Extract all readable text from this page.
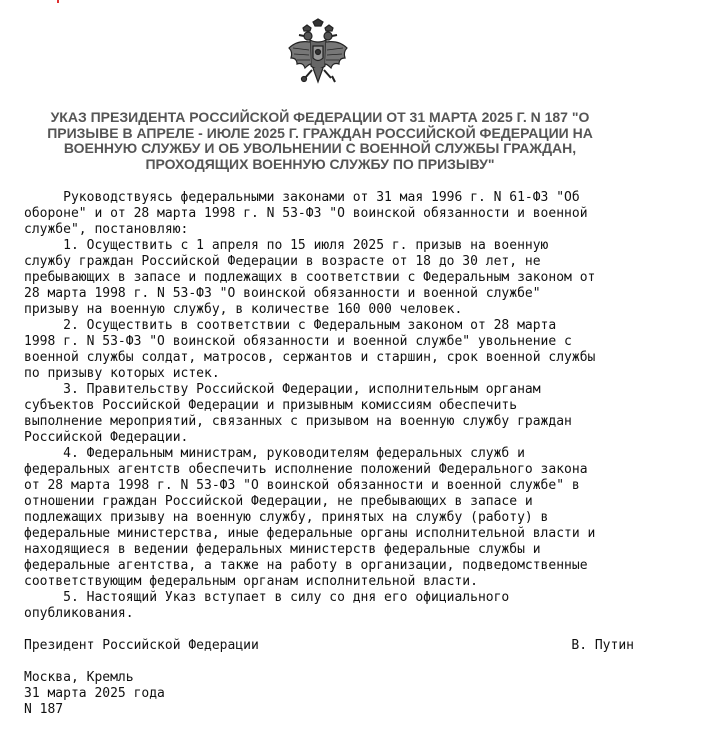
УКАЗ ПРЕЗИДЕНТА РОССИЙСКОЙ ФЕДЕРАЦИИ ОТ 31 МАРТА 2025 Г. N 187 "О ПРИЗЫВЕ В АПРЕЛЕ - ИЮЛЕ 2025 Г. ГРАЖДАН РОССИЙСКОЙ ФЕДЕРАЦИИ НА ВОЕННУЮ СЛУЖБУ И ОБ УВОЛЬНЕНИИ С ВОЕННОЙ СЛУЖБЫ ГРАЖДАН, ПРОХОДЯЩИХ ВОЕННУЮ СЛУЖБУ ПО ПРИЗЫВУ"

Руководствуясь федеральными законами от 31 мая 1996 г. N 61-ФЗ "Об
обороне" и от 28 марта 1998 г. N 53-ФЗ "О воинской обязанности и военной
службе", постановляю:

1. Осуществить с 1 апреля по 15 июля 2025 г. призыв на военную
службу граждан Российской Федерации в возрасте от 18 до 30 лет, не
пребывающих в запасе и подлежащих в соответствии с Федеральным законом от
28 марта 1998 г. N 53-ФЗ "О воинской обязанности и военной службе"
призыву на военную службу, в количестве 160 000 человек.

2. Осуществить в соответствии с Федеральным законом от 28 марта
1998 г. N 53-ФЗ "О воинской обязанности и военной службе" увольнение с
военной службы солдат, матросов, сержантов и старшин, срок военной службы
по призыву которых истек.

3. Правительству Российской Федерации, исполнительным органам
субъектов Российской Федерации и призывным комиссиям обеспечить
выполнение мероприятий, связанных с призывом на военную службу граждан
Российской Федерации.

4. Федеральным министрам, руководителям федеральных служб и
федеральных агентств обеспечить исполнение положений Федерального закона
от 28 марта 1998 г. N 53-ФЗ "О воинской обязанности и военной службе" в
отношении граждан Российской Федерации, не пребывающих в запасе и
подлежащих призыву на военную службу, принятых на службу (работу) в
федеральные министерства, иные федеральные органы исполнительной власти и
находящиеся в ведении федеральных министерств федеральные службы и
федеральные агентства, а также на работу в организации, подведомственные
соответствующим федеральным органам исполнительной власти.

5. Настоящий Указ вступает в силу со дня его официального
опубликования.

Президент Российской Федерации	В. Путин
Москва, Кремль
31 марта 2025 года
N 187
